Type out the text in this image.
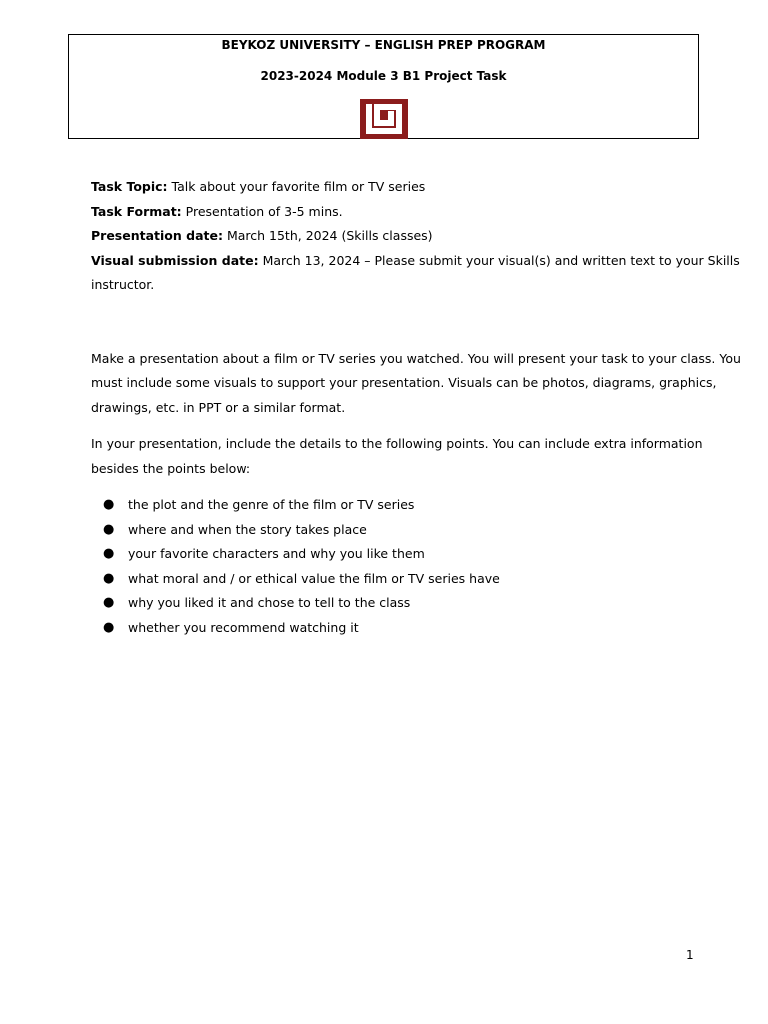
BEYKOZ UNIVERSITY – ENGLISH PREP PROGRAM
2023-2024 Module 3 B1 Project Task

Task Topic: Talk about your favorite film or TV series

Task Format: Presentation of 3-5 mins.

Presentation date: March 15th, 2024 (Skills classes)

Visual submission date: March 13, 2024 – Please submit your visual(s) and written text to your Skills

instructor.

Make a presentation about a film or TV series you watched. You will present your task to your class. You

must include some visuals to support your presentation. Visuals can be photos, diagrams, graphics,

drawings, etc. in PPT or a similar format.

In your presentation, include the details to the following points. You can include extra information

besides the points below:

● the plot and the genre of the film or TV series
● where and when the story takes place
● your favorite characters and why you like them
● what moral and / or ethical value the film or TV series have
● why you liked it and chose to tell to the class
● whether you recommend watching it
1
